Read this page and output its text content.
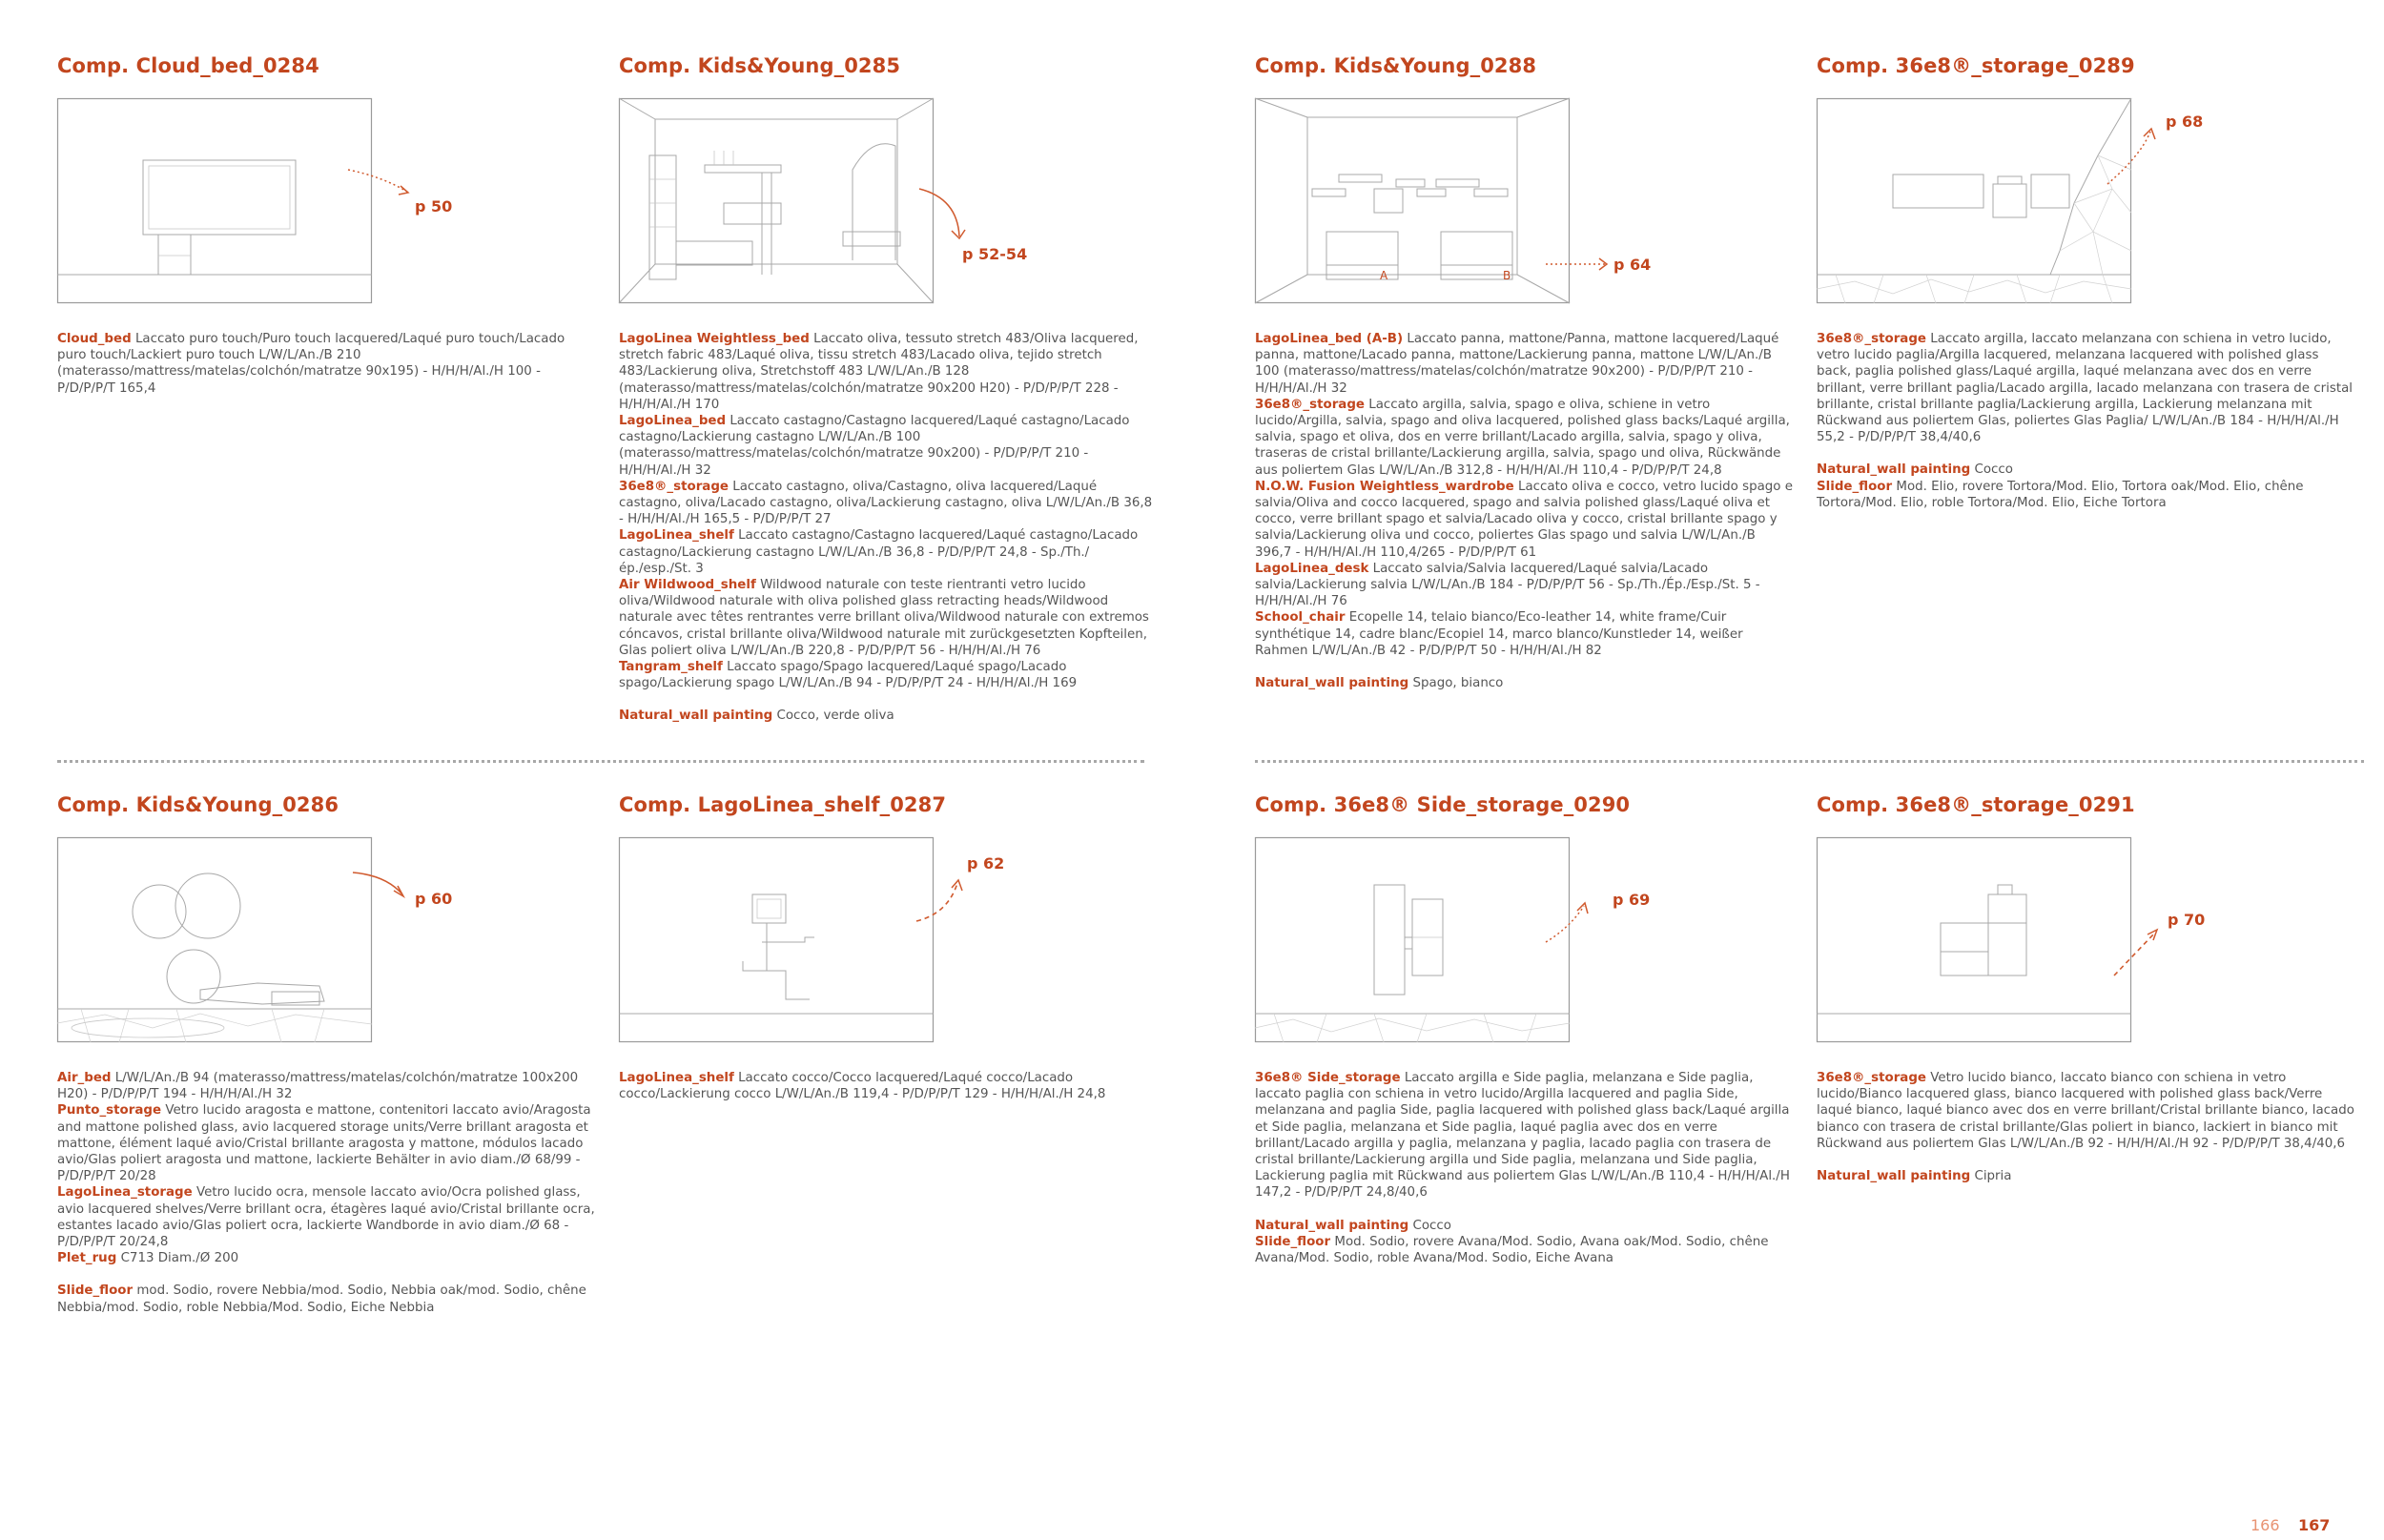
Comp. Cloud_bed_0284
p 50

Cloud_bed Laccato puro touch/Puro touch lacquered/Laqué puro touch/Lacado puro touch/Lackiert puro touch L/W/L/An./B 210 (materasso/mattress/matelas/colchón/matratze 90x195) - H/H/H/Al./H 100 - P/D/P/P/T 165,4

Comp. Kids&Young_0285
p 52-54

LagoLinea Weightless_bed Laccato oliva, tessuto stretch 483/Oliva lacquered, stretch fabric 483/Laqué oliva, tissu stretch 483/Lacado oliva, tejido stretch 483/Lackierung oliva, Stretchstoff 483 L/W/L/An./B 128 (materasso/mattress/matelas/colchón/matratze 90x200 H20) - P/D/P/P/T 228 - H/H/H/Al./H 170

LagoLinea_bed Laccato castagno/Castagno lacquered/Laqué castagno/Lacado castagno/Lackierung castagno L/W/L/An./B 100 (materasso/mattress/matelas/colchón/matratze 90x200) - P/D/P/P/T 210 - H/H/H/Al./H 32

36e8®_storage Laccato castagno, oliva/Castagno, oliva lacquered/Laqué castagno, oliva/Lacado castagno, oliva/Lackierung castagno, oliva L/W/L/An./B 36,8 - H/H/H/Al./H 165,5 - P/D/P/P/T 27

LagoLinea_shelf Laccato castagno/Castagno lacquered/Laqué castagno/Lacado castagno/Lackierung castagno L/W/L/An./B 36,8 - P/D/P/P/T 24,8 - Sp./Th./ép./esp./St. 3

Air Wildwood_shelf Wildwood naturale con teste rientranti vetro lucido oliva/Wildwood naturale with oliva polished glass retracting heads/Wildwood naturale avec têtes rentrantes verre brillant oliva/Wildwood naturale con extremos cóncavos, cristal brillante oliva/Wildwood naturale mit zurückgesetzten Kopfteilen, Glas poliert oliva L/W/L/An./B 220,8 - P/D/P/P/T 56 - H/H/H/Al./H 76

Tangram_shelf Laccato spago/Spago lacquered/Laqué spago/Lacado spago/Lackierung spago L/W/L/An./B 94 - P/D/P/P/T 24 - H/H/H/Al./H 169

Natural_wall painting Cocco, verde oliva

Comp. Kids&Young_0288
A	B
p 64

LagoLinea_bed (A-B) Laccato panna, mattone/Panna, mattone lacquered/Laqué panna, mattone/Lacado panna, mattone/Lackierung panna, mattone L/W/L/An./B 100 (materasso/mattress/matelas/colchón/matratze 90x200) - P/D/P/P/T 210 - H/H/H/Al./H 32

36e8®_storage Laccato argilla, salvia, spago e oliva, schiene in vetro lucido/Argilla, salvia, spago and oliva lacquered, polished glass backs/Laqué argilla, salvia, spago et oliva, dos en verre brillant/Lacado argilla, salvia, spago y oliva, traseras de cristal brillante/Lackierung argilla, salvia, spago und oliva, Rückwände aus poliertem Glas L/W/L/An./B 312,8 - H/H/H/Al./H 110,4 - P/D/P/P/T 24,8

N.O.W. Fusion Weightless_wardrobe Laccato oliva e cocco, vetro lucido spago e salvia/Oliva and cocco lacquered, spago and salvia polished glass/Laqué oliva et cocco, verre brillant spago et salvia/Lacado oliva y cocco, cristal brillante spago y salvia/Lackierung oliva und cocco, poliertes Glas spago und salvia L/W/L/An./B 396,7 - H/H/H/Al./H 110,4/265 - P/D/P/P/T 61

LagoLinea_desk Laccato salvia/Salvia lacquered/Laqué salvia/Lacado salvia/Lackierung salvia L/W/L/An./B 184 - P/D/P/P/T 56 - Sp./Th./Ép./Esp./St. 5 - H/H/H/Al./H 76

School_chair Ecopelle 14, telaio bianco/Eco-leather 14, white frame/Cuir synthétique 14, cadre blanc/Ecopiel 14, marco blanco/Kunstleder 14, weißer Rahmen L/W/L/An./B 42 - P/D/P/P/T 50 - H/H/H/Al./H 82

Natural_wall painting Spago, bianco

Comp. 36e8®_storage_0289
p 68

36e8®_storage Laccato argilla, laccato melanzana con schiena in vetro lucido, vetro lucido paglia/Argilla lacquered, melanzana lacquered with polished glass back, paglia polished glass/Laqué argilla, laqué melanzana avec dos en verre brillant, verre brillant paglia/Lacado argilla, lacado melanzana con trasera de cristal brillante, cristal brillante paglia/Lackierung argilla, Lackierung melanzana mit Rückwand aus poliertem Glas, poliertes Glas Paglia/ L/W/L/An./B 184 - H/H/H/Al./H 55,2 - P/D/P/P/T 38,4/40,6

Natural_wall painting Cocco

Slide_floor Mod. Elio, rovere Tortora/Mod. Elio, Tortora oak/Mod. Elio, chêne Tortora/Mod. Elio, roble Tortora/Mod. Elio, Eiche Tortora

Comp. Kids&Young_0286
p 60

Air_bed L/W/L/An./B 94 (materasso/mattress/matelas/colchón/matratze 100x200 H20) - P/D/P/P/T 194 - H/H/H/Al./H 32

Punto_storage Vetro lucido aragosta e mattone, contenitori laccato avio/Aragosta and mattone polished glass, avio lacquered storage units/Verre brillant aragosta et mattone, élément laqué avio/Cristal brillante aragosta y mattone, módulos lacado avio/Glas poliert aragosta und mattone, lackierte Behälter in avio diam./Ø 68/99 - P/D/P/P/T 20/28

LagoLinea_storage Vetro lucido ocra, mensole laccato avio/Ocra polished glass, avio lacquered shelves/Verre brillant ocra, étagères laqué avio/Cristal brillante ocra, estantes lacado avio/Glas poliert ocra, lackierte Wandborde in avio diam./Ø 68 - P/D/P/P/T 20/24,8

Plet_rug C713 Diam./Ø 200

Slide_floor mod. Sodio, rovere Nebbia/mod. Sodio, Nebbia oak/mod. Sodio, chêne Nebbia/mod. Sodio, roble Nebbia/Mod. Sodio, Eiche Nebbia

Comp. LagoLinea_shelf_0287
p 62

LagoLinea_shelf Laccato cocco/Cocco lacquered/Laqué cocco/Lacado cocco/Lackierung cocco L/W/L/An./B 119,4 - P/D/P/P/T 129 - H/H/H/Al./H 24,8

Comp. 36e8® Side_storage_0290
p 69

36e8® Side_storage Laccato argilla e Side paglia, melanzana e Side paglia, laccato paglia con schiena in vetro lucido/Argilla lacquered and paglia Side, melanzana and paglia Side, paglia lacquered with polished glass back/Laqué argilla et Side paglia, melanzana et Side paglia, laqué paglia avec dos en verre brillant/Lacado argilla y paglia, melanzana y paglia, lacado paglia con trasera de cristal brillante/Lackierung argilla und Side paglia, melanzana und Side paglia, Lackierung paglia mit Rückwand aus poliertem Glas L/W/L/An./B 110,4 - H/H/H/Al./H 147,2 - P/D/P/P/T 24,8/40,6

Natural_wall painting Cocco

Slide_floor Mod. Sodio, rovere Avana/Mod. Sodio, Avana oak/Mod. Sodio, chêne Avana/Mod. Sodio, roble Avana/Mod. Sodio, Eiche Avana

Comp. 36e8®_storage_0291
p 70

36e8®_storage Vetro lucido bianco, laccato bianco con schiena in vetro lucido/Bianco lacquered glass, bianco lacquered with polished glass back/Verre laqué bianco, laqué bianco avec dos en verre brillant/Cristal brillante bianco, lacado bianco con trasera de cristal brillante/Glas poliert in bianco, lackiert in bianco mit Rückwand aus poliertem Glas L/W/L/An./B 92 - H/H/H/Al./H 92 - P/D/P/P/T 38,4/40,6

Natural_wall painting Cipria

166 167
